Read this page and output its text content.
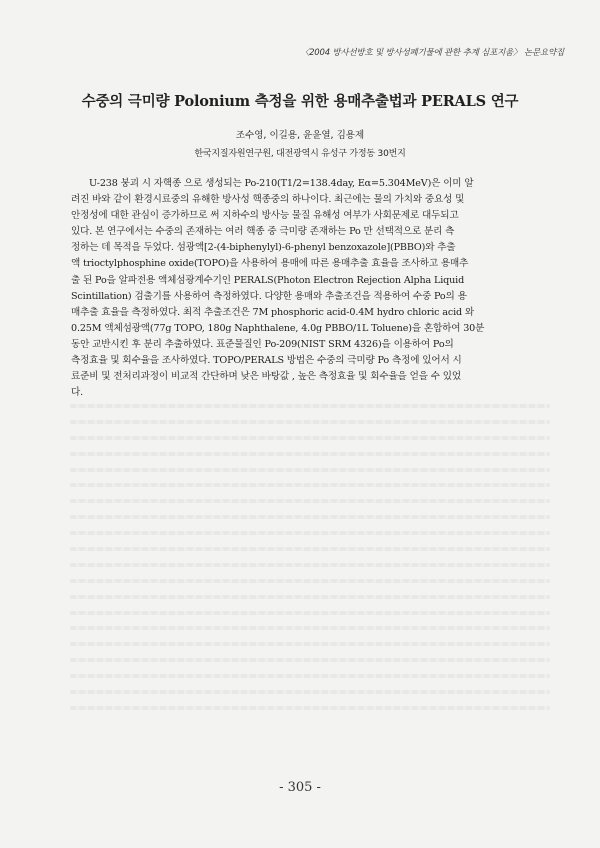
〈2004 방사선방호 및 방사성폐기물에 관한 추계 심포지움〉 논문요약집
수중의 극미량 Polonium 측정을 위한 용매추출법과 PERALS 연구
조수영, 이길용, 윤윤열, 김용제
한국지질자원연구원, 대전광역시 유성구 가정동 30번지
U-238 붕괴 시 자핵종 으로 생성되는 Po-210(T1/2=138.4day, Eα=5.304MeV)은 이미 알
려진 바와 같이 환경시료중의 유해한 방사성 핵종중의 하나이다. 최근에는 물의 가치와 중요성 및
안정성에 대한 관심이 증가하므로 써 지하수의 방사능 물질 유해성 여부가 사회문제로 대두되고
있다. 본 연구에서는 수중의 존재하는 여러 핵종 중 극미량 존재하는 Po 만 선택적으로 분리 측
정하는 데 목적을 두었다. 섬광액[2-(4-biphenylyl)-6-phenyl benzoxazole](PBBO)와 추출
액 trioctylphosphine oxide(TOPO)을 사용하여 용매에 따른 용매추출 효율을 조사하고 용매추
출 된 Po을 알파전용 액체섬광계수기인 PERALS(Photon Electron Rejection Alpha Liquid
Scintillation) 검출기를 사용하여 측정하였다. 다양한 용매와 추출조건을 적용하여 수중 Po의 용
매추출 효율을 측정하였다. 최적 추출조건은 7M phosphoric acid-0.4M hydro chloric acid 와
0.25M 액체섬광액(77g TOPO, 180g Naphthalene, 4.0g PBBO/1L Toluene)을 혼합하여 30분
동안 교반시킨 후 분리 추출하였다. 표준물질인 Po-209(NIST SRM 4326)을 이용하여 Po의
측정효율 및 회수율을 조사하였다. TOPO/PERALS 방법은 수중의 극미량 Po 측정에 있어서 시
료준비 및 전처리과정이 비교적 간단하며 낮은 바탕값 , 높은 측정효율 및 회수율을 얻을 수 있었
다.
- 305 -
